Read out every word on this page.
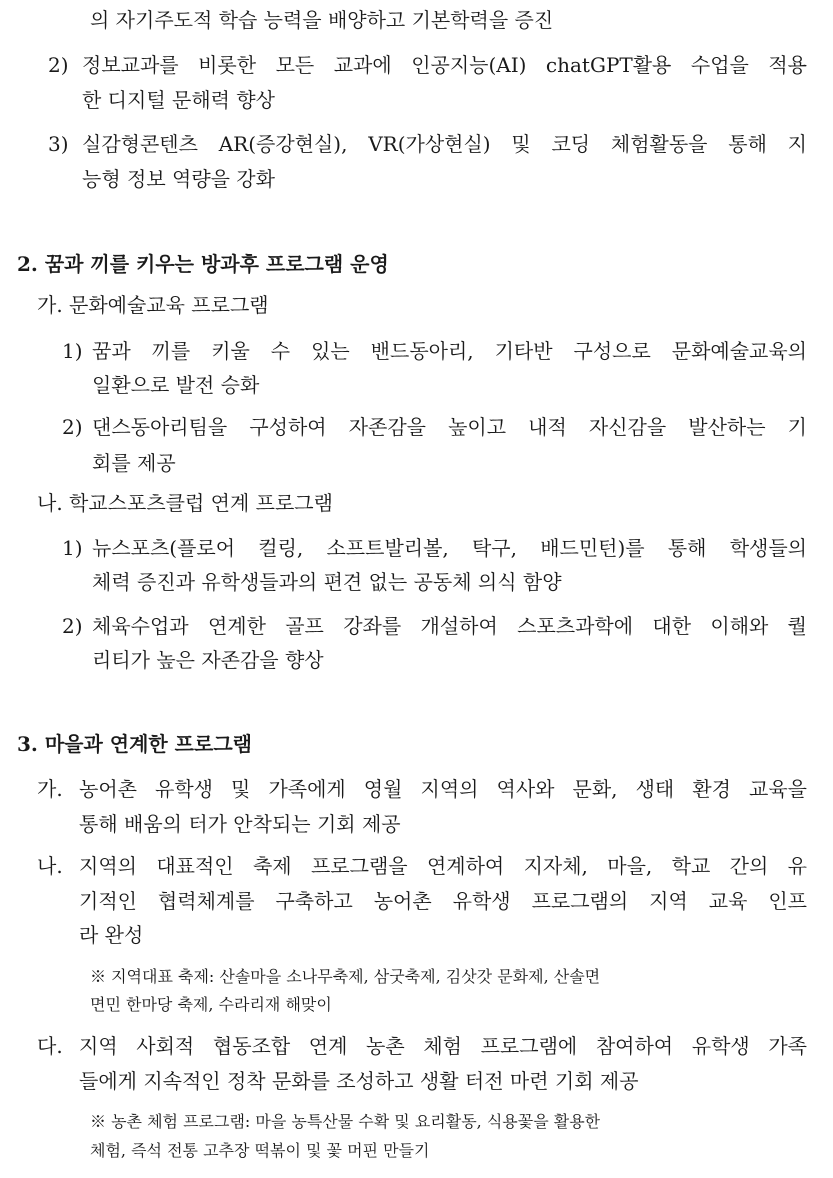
의 자기주도적 학습 능력을 배양하고 기본학력을 증진
2) 정보교과를 비롯한 모든 교과에 인공지능(AI) chatGPT활용 수업을 적용
한 디지털 문해력 향상
3) 실감형콘텐츠 AR(증강현실), VR(가상현실) 및 코딩 체험활동을 통해 지
능형 정보 역량을 강화
2. 꿈과 끼를 키우는 방과후 프로그램 운영
가. 문화예술교육 프로그램
1) 꿈과 끼를 키울 수 있는 밴드동아리, 기타반 구성으로 문화예술교육의
일환으로 발전 승화
2) 댄스동아리팀을 구성하여 자존감을 높이고 내적 자신감을 발산하는 기
회를 제공
나. 학교스포츠클럽 연계 프로그램
1) 뉴스포츠(플로어 컬링, 소프트발리볼, 탁구, 배드민턴)를 통해 학생들의
체력 증진과 유학생들과의 편견 없는 공동체 의식 함양
2) 체육수업과 연계한 골프 강좌를 개설하여 스포츠과학에 대한 이해와 퀄
리티가 높은 자존감을 향상
3. 마을과 연계한 프로그램
가. 농어촌 유학생 및 가족에게 영월 지역의 역사와 문화, 생태 환경 교육을
통해 배움의 터가 안착되는 기회 제공
나. 지역의 대표적인 축제 프로그램을 연계하여 지자체, 마을, 학교 간의 유
기적인 협력체계를 구축하고 농어촌 유학생 프로그램의 지역 교육 인프
라 완성
※ 지역대표 축제: 산솔마을 소나무축제, 삼굿축제, 김삿갓 문화제, 산솔면
면민 한마당 축제, 수라리재 해맞이
다. 지역 사회적 협동조합 연계 농촌 체험 프로그램에 참여하여 유학생 가족
들에게 지속적인 정착 문화를 조성하고 생활 터전 마련 기회 제공
※ 농촌 체험 프로그램: 마을 농특산물 수확 및 요리활동, 식용꽃을 활용한
체험, 즉석 전통 고추장 떡볶이 및 꽃 머핀 만들기
